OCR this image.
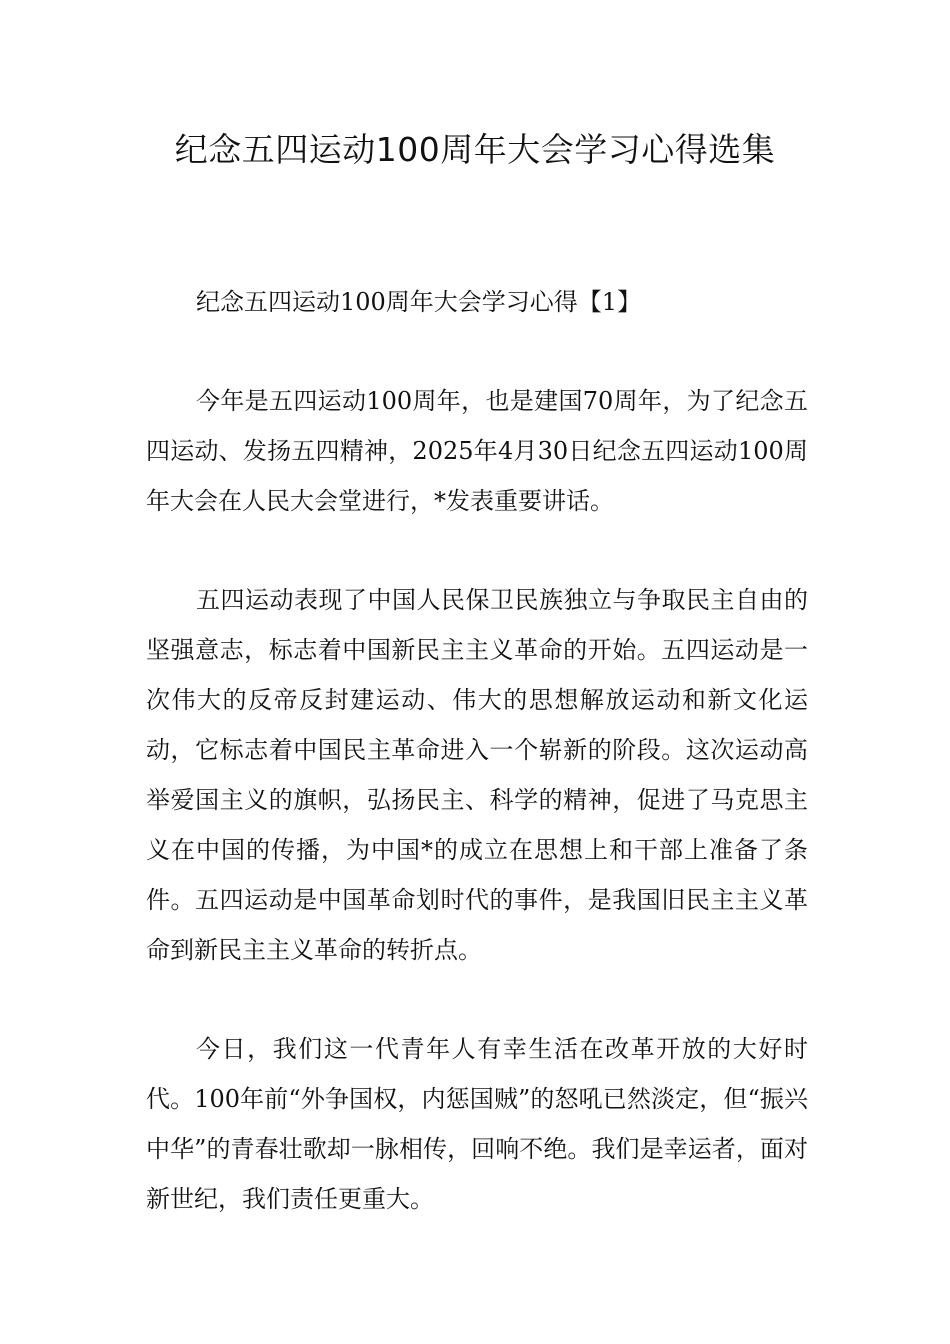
纪念五四运动100周年大会学习心得选集
纪念五四运动100周年大会学习心得【1】

今年是五四运动100周年，也是建国70周年，为了纪念五四运动、发扬五四精神，2025年4月30日纪念五四运动100周年大会在人民大会堂进行，*发表重要讲话。

五四运动表现了中国人民保卫民族独立与争取民主自由的坚强意志，标志着中国新民主主义革命的开始。五四运动是一次伟大的反帝反封建运动、伟大的思想解放运动和新文化运动，它标志着中国民主革命进入一个崭新的阶段。这次运动高举爱国主义的旗帜，弘扬民主、科学的精神，促进了马克思主义在中国的传播，为中国*的成立在思想上和干部上准备了条件。五四运动是中国革命划时代的事件，是我国旧民主主义革命到新民主主义革命的转折点。

今日，我们这一代青年人有幸生活在改革开放的大好时代。100年前“外争国权，内惩国贼”的怒吼已然淡定，但“振兴中华”的青春壮歌却一脉相传，回响不绝。我们是幸运者，面对新世纪，我们责任更重大。
